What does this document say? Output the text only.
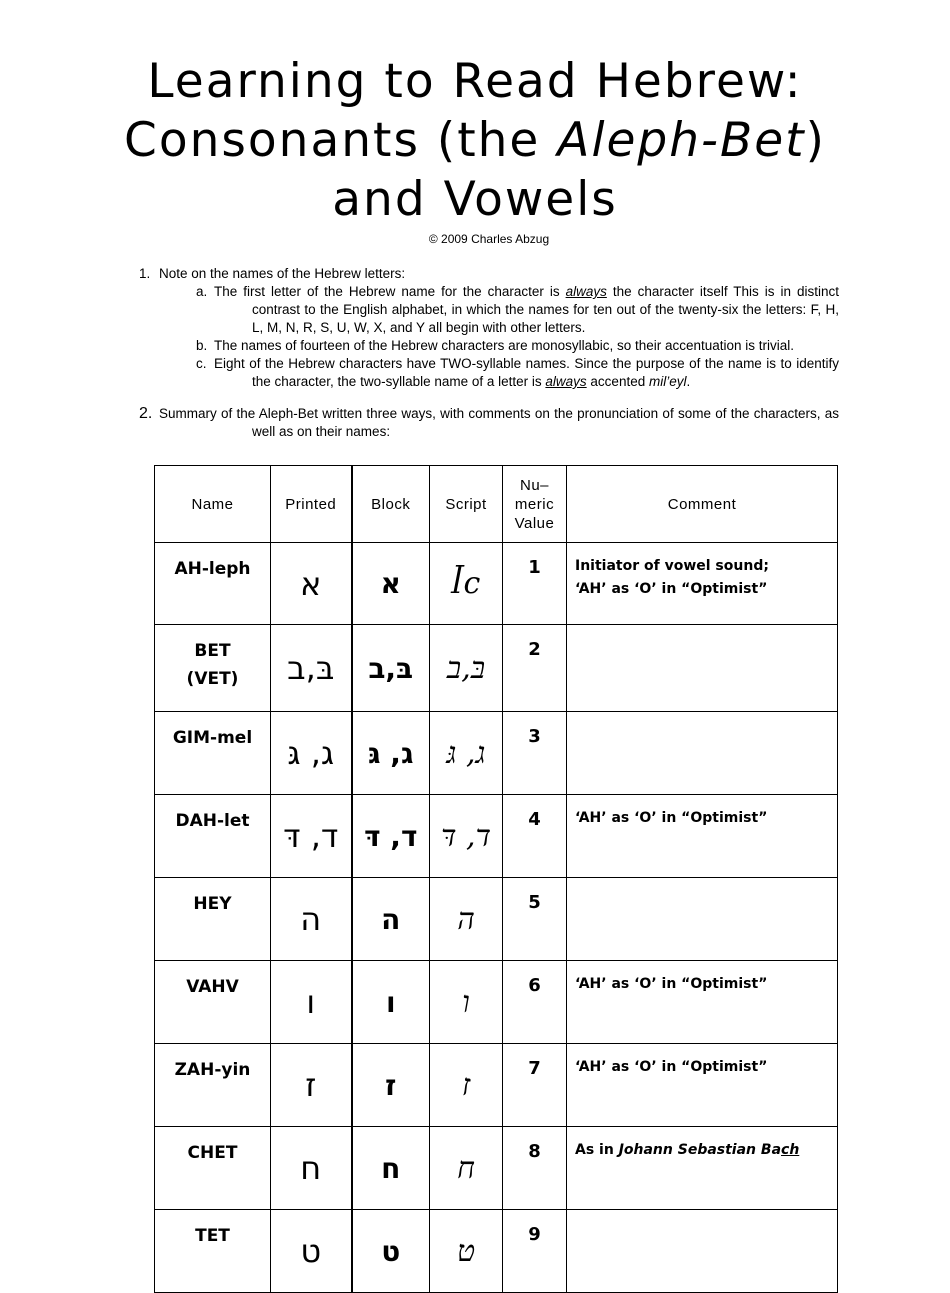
Learning to Read Hebrew:
Consonants (the Aleph-Bet)
and Vowels
© 2009 Charles Abzug
1. Note on the names of the Hebrew letters:
a. The first letter of the Hebrew name for the character is always the character itself This is in distinct contrast to the English alphabet, in which the names for ten out of the twenty-six the letters: F, H, L, M, N, R, S, U, W, X, and Y all begin with other letters.
b. The names of fourteen of the Hebrew characters are monosyllabic, so their accentuation is trivial.
c. Eight of the Hebrew characters have TWO-syllable names. Since the purpose of the name is to identify the character, the two-syllable name of a letter is always accented mil’eyl.
2. Summary of the Aleph-Bet written three ways, with comments on the pronunciation of some of the characters, as well as on their names:
Name	Printed	Block	Script	Nu–
meric
Value	Comment

AH-leph	א	א	ꟾc	1	Initiator of vowel sound;
‘AH’ as ‘O’ in “Optimist”

BET
(VET)	בּ,ב	בּ,ב	בּ,ב	2	

GIM-mel	ג, גּ	ג, גּ	ג, גּ	3	

DAH-let	ד, דּ	ד, דּ	ד, דּ	4	‘AH’ as ‘O’ in “Optimist”

HEY	ה	ה	ה	5	

VAHV	ו	ו	ו	6	‘AH’ as ‘O’ in “Optimist”

ZAH-yin	ז	ז	ז	7	‘AH’ as ‘O’ in “Optimist”

CHET	ח	ח	ח	8	As in Johann Sebastian Bach

TET	ט	ט	ט	9	
